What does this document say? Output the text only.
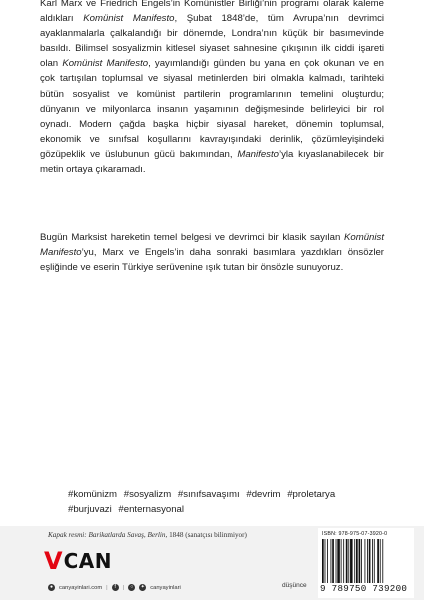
Karl Marx ve Friedrich Engels’in Komünistler Birliği’nin programı olarak kaleme aldıkları Komünist Manifesto, Şubat 1848’de, tüm Avrupa’nın devrimci ayaklanmalarla çalkalandığı bir dönemde, Londra’nın küçük bir basımevinde basıldı. Bilimsel sosyalizmin kitlesel siyaset sahnesine çıkışının ilk ciddi işareti olan Komünist Manifesto, yayımlandığı günden bu yana en çok okunan ve en çok tartışılan toplumsal ve siyasal metinlerden biri olmakla kalmadı, tarihteki bütün sosyalist ve komünist partilerin programlarının temelini oluşturdu; dünyanın ve milyonlarca insanın yaşamının değişmesinde belirleyici bir rol oynadı. Modern çağda başka hiçbir siyasal hareket, dönemin toplumsal, ekonomik ve sınıfsal koşullarını kavrayışındaki derinlik, çözümleyişindeki gözüpeklik ve üslubunun gücü bakımından, Manifesto’yla kıyaslanabilecek bir metin ortaya çıkaramadı.

Bugün Marksist hareketin temel belgesi ve devrimci bir klasik sayılan Komünist Manifesto’yu, Marx ve Engels’in daha sonraki basımlara yazdıkları önsözler eşliğinde ve eserin Türkiye serüvenine ışık tutan bir önsözle sunuyoruz.

#komünizm #sosyalizm #sınıfsavaşımı #devrim #proletarya #burjuvazi #enternasyonal
Kapak resmi: Barikatlarda Savaş, Berlin, 1848 (sanatçısı bilinmiyor)
V CAN
●	canyayinlari.com |	f	|	○	✦ canyayinlari	düşünce
ISBN: 978-975-07-3920-0
9 789750 739200
